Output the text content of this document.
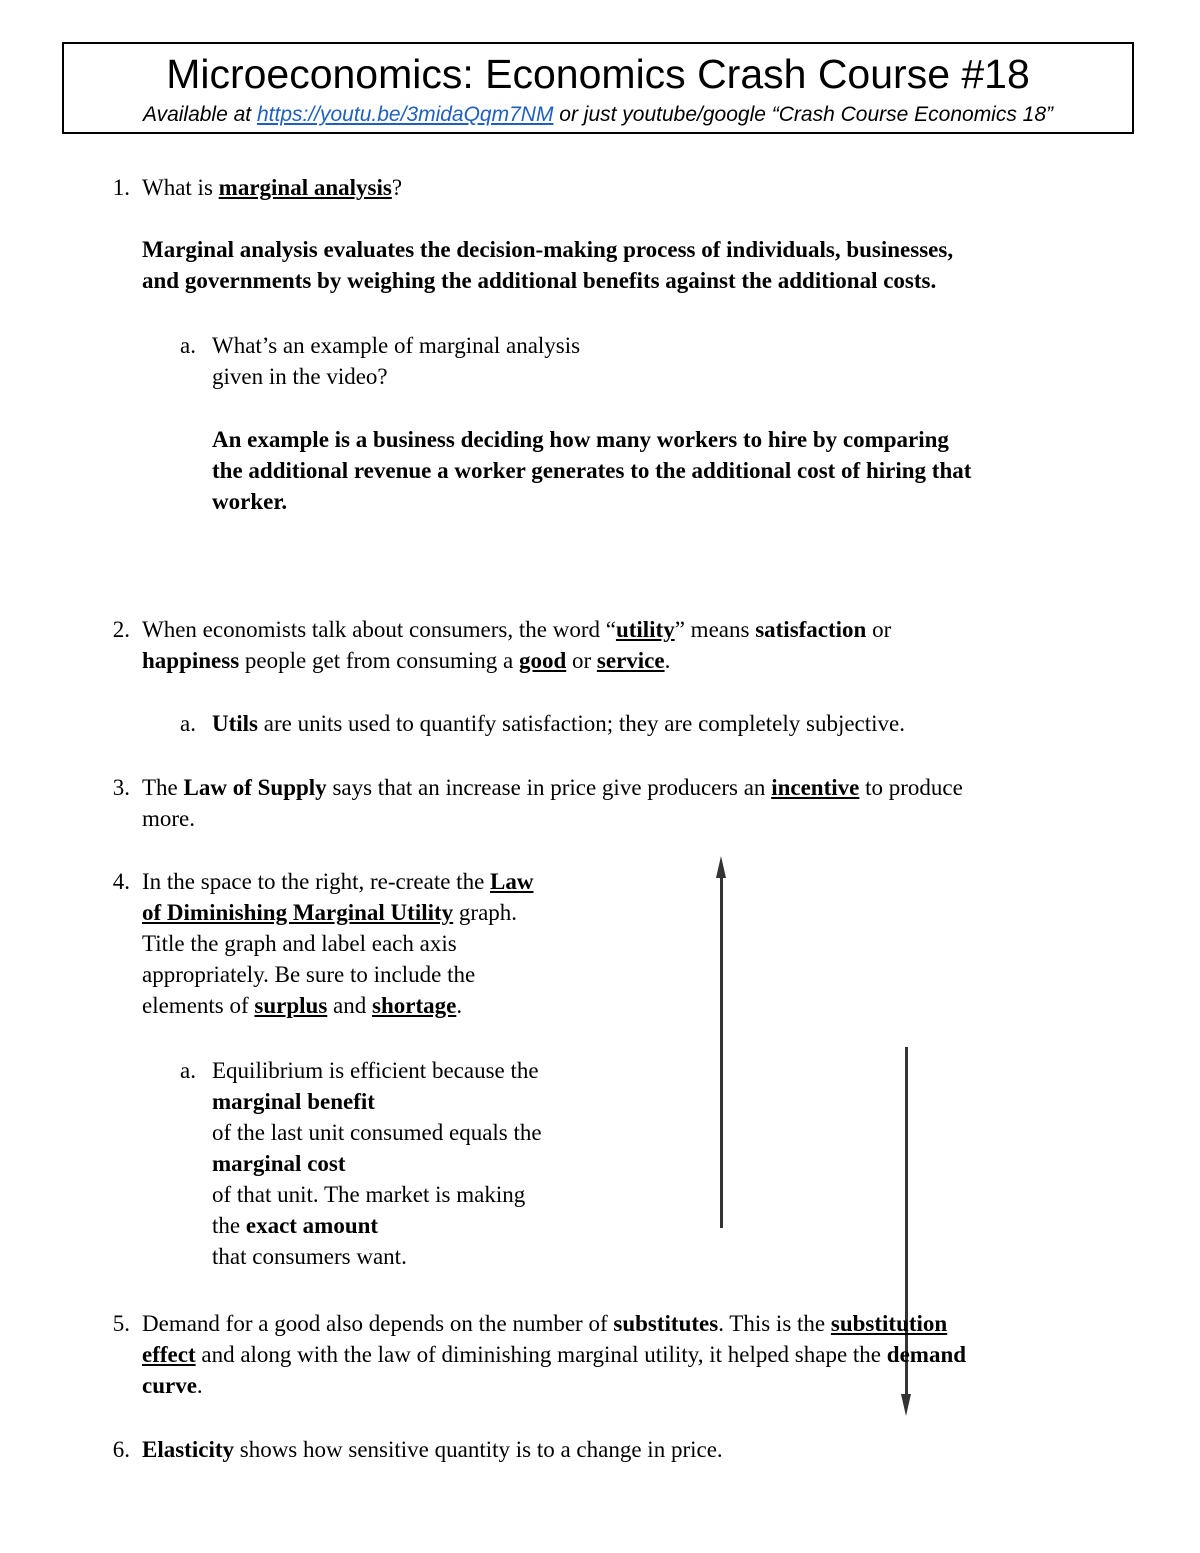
Microeconomics: Economics Crash Course #18
Available at https://youtu.be/3midaQqm7NM or just youtube/google “Crash Course Economics 18”
1. What is marginal analysis?
Marginal analysis evaluates the decision-making process of individuals, businesses,
and governments by weighing the additional benefits against the additional costs.
a. What’s an example of marginal analysis
given in the video?
An example is a business deciding how many workers to hire by comparing
the additional revenue a worker generates to the additional cost of hiring that
worker.
2. When economists talk about consumers, the word “utility” means satisfaction or
happiness people get from consuming a good or service.
a. Utils are units used to quantify satisfaction; they are completely subjective.
3. The Law of Supply says that an increase in price give producers an incentive to produce
more.
4. In the space to the right, re-create the Law
of Diminishing Marginal Utility graph.
Title the graph and label each axis
appropriately. Be sure to include the
elements of surplus and shortage.
a. Equilibrium is efficient because the
marginal benefit
of the last unit consumed equals the
marginal cost
of that unit. The market is making
the exact amount
that consumers want.
5. Demand for a good also depends on the number of substitutes. This is the substitution
effect and along with the law of diminishing marginal utility, it helped shape the demand
curve.
6. Elasticity shows how sensitive quantity is to a change in price.
